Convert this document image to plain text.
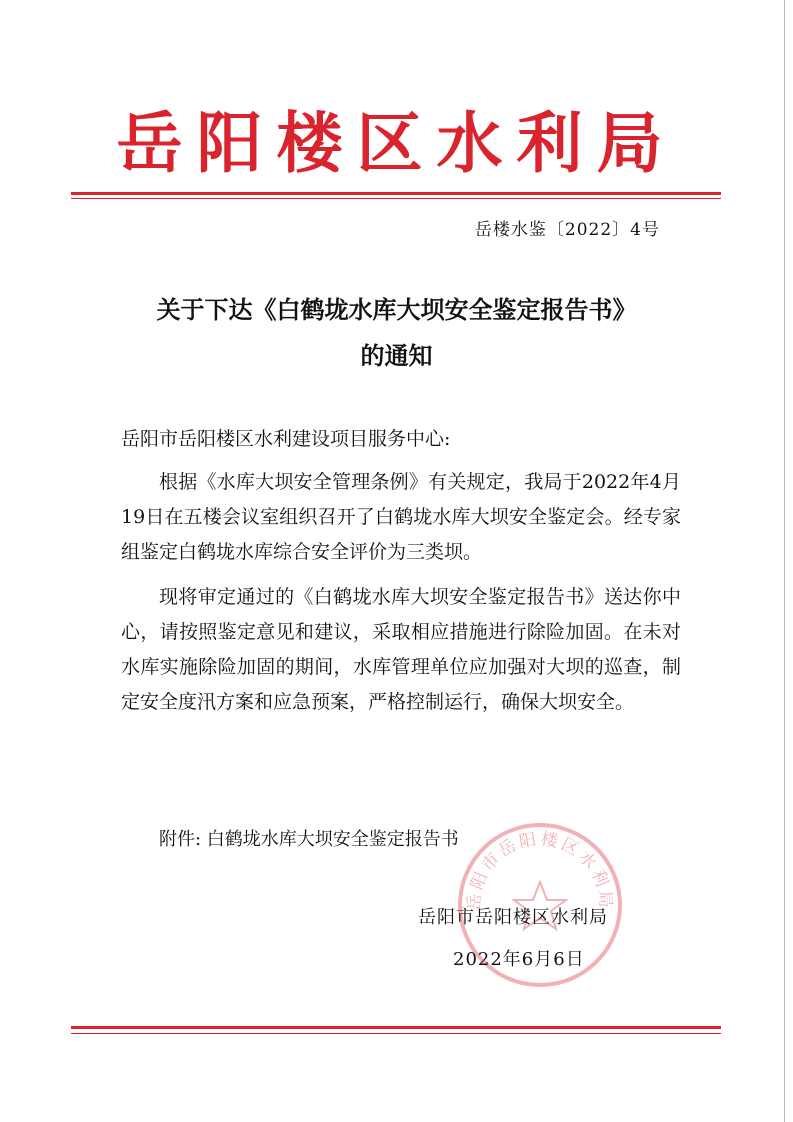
岳阳楼区水利局
岳楼水鉴〔2022〕4号
关于下达《白鹤垅水库大坝安全鉴定报告书》
的通知
岳阳市岳阳楼区水利建设项目服务中心:

根据《水库大坝安全管理条例》有关规定，我局于2022年4月19日在五楼会议室组织召开了白鹤垅水库大坝安全鉴定会。经专家组鉴定白鹤垅水库综合安全评价为三类坝。

现将审定通过的《白鹤垅水库大坝安全鉴定报告书》送达你中心，请按照鉴定意见和建议，采取相应措施进行除险加固。在未对水库实施除险加固的期间，水库管理单位应加强对大坝的巡查，制定安全度汛方案和应急预案，严格控制运行，确保大坝安全。

附件: 白鹤垅水库大坝安全鉴定报告书
岳阳市岳阳楼区水利局
岳阳市岳阳楼区水利局
2022年6月6日
